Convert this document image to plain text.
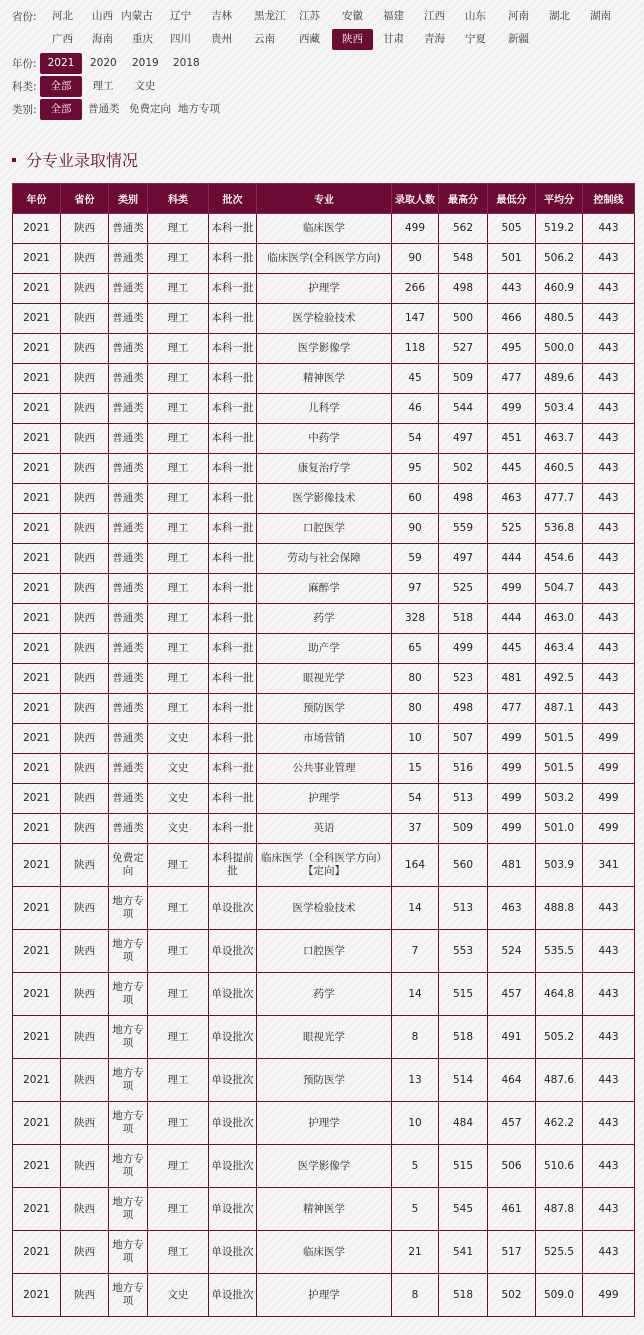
省份:
年份:
科类:
类别:
河北 山西 内蒙古	辽宁 吉林 黑龙江 江苏 安徽 福建 江西 山东 河南 湖北 湖南
广西 海南 重庆 四川 贵州 云南 西藏	陕西	甘肃 青海 宁夏 新疆
2021	2020 2019 2018
全部	理工 文史
全部	普通类 免费定向 地方专项
分专业录取情况
年份	省份	类别	科类	批次	专业	录取人数	最高分	最低分	平均分	控制线
2021	陕西	普通类	理工	本科一批	临床医学	499	562	505	519.2	443
2021	陕西	普通类	理工	本科一批	临床医学(全科医学方向)	90	548	501	506.2	443
2021	陕西	普通类	理工	本科一批	护理学	266	498	443	460.9	443
2021	陕西	普通类	理工	本科一批	医学检验技术	147	500	466	480.5	443
2021	陕西	普通类	理工	本科一批	医学影像学	118	527	495	500.0	443
2021	陕西	普通类	理工	本科一批	精神医学	45	509	477	489.6	443
2021	陕西	普通类	理工	本科一批	儿科学	46	544	499	503.4	443
2021	陕西	普通类	理工	本科一批	中药学	54	497	451	463.7	443
2021	陕西	普通类	理工	本科一批	康复治疗学	95	502	445	460.5	443
2021	陕西	普通类	理工	本科一批	医学影像技术	60	498	463	477.7	443
2021	陕西	普通类	理工	本科一批	口腔医学	90	559	525	536.8	443
2021	陕西	普通类	理工	本科一批	劳动与社会保障	59	497	444	454.6	443
2021	陕西	普通类	理工	本科一批	麻醉学	97	525	499	504.7	443
2021	陕西	普通类	理工	本科一批	药学	328	518	444	463.0	443
2021	陕西	普通类	理工	本科一批	助产学	65	499	445	463.4	443
2021	陕西	普通类	理工	本科一批	眼视光学	80	523	481	492.5	443
2021	陕西	普通类	理工	本科一批	预防医学	80	498	477	487.1	443
2021	陕西	普通类	文史	本科一批	市场营销	10	507	499	501.5	499
2021	陕西	普通类	文史	本科一批	公共事业管理	15	516	499	501.5	499
2021	陕西	普通类	文史	本科一批	护理学	54	513	499	503.2	499
2021	陕西	普通类	文史	本科一批	英语	37	509	499	501.0	499
2021	陕西	免费定向	理工	本科提前批	临床医学（全科医学方向）【定向】	164	560	481	503.9	341
2021	陕西	地方专项	理工	单设批次	医学检验技术	14	513	463	488.8	443
2021	陕西	地方专项	理工	单设批次	口腔医学	7	553	524	535.5	443
2021	陕西	地方专项	理工	单设批次	药学	14	515	457	464.8	443
2021	陕西	地方专项	理工	单设批次	眼视光学	8	518	491	505.2	443
2021	陕西	地方专项	理工	单设批次	预防医学	13	514	464	487.6	443
2021	陕西	地方专项	理工	单设批次	护理学	10	484	457	462.2	443
2021	陕西	地方专项	理工	单设批次	医学影像学	5	515	506	510.6	443
2021	陕西	地方专项	理工	单设批次	精神医学	5	545	461	487.8	443
2021	陕西	地方专项	理工	单设批次	临床医学	21	541	517	525.5	443
2021	陕西	地方专项	文史	单设批次	护理学	8	518	502	509.0	499
